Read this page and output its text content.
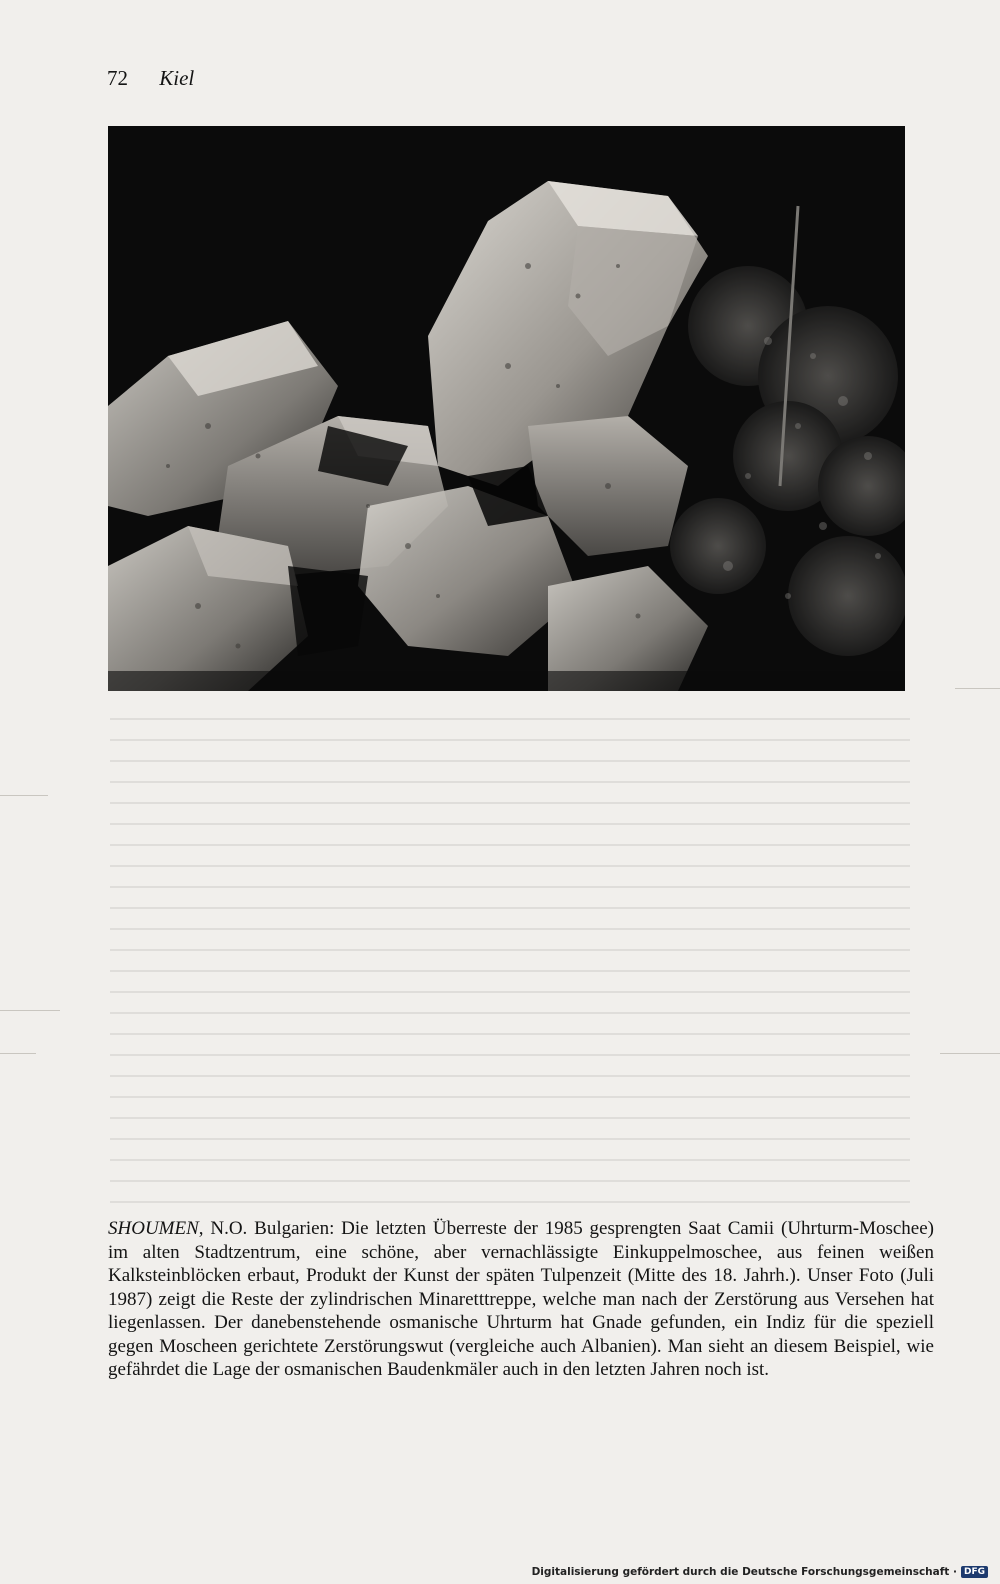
72 Kiel
SHOUMEN, N.O. Bulgarien: Die letzten Überreste der 1985 gesprengten Saat Camii (Uhrturm-Moschee) im alten Stadtzentrum, eine schöne, aber vernachlässigte Einkuppelmoschee, aus feinen weißen Kalksteinblöcken erbaut, Produkt der Kunst der späten Tulpenzeit (Mitte des 18. Jahrh.). Unser Foto (Juli 1987) zeigt die Reste der zylindrischen Minaretttreppe, welche man nach der Zerstörung aus Versehen hat liegenlassen. Der danebenstehende osmanische Uhrturm hat Gnade gefunden, ein Indiz für die speziell gegen Moscheen gerichtete Zerstörungswut (vergleiche auch Albanien). Man sieht an diesem Beispiel, wie gefährdet die Lage der osmanischen Baudenkmäler auch in den letzten Jahren noch ist.
Digitalisierung gefördert durch die Deutsche Forschungsgemeinschaft · DFG
